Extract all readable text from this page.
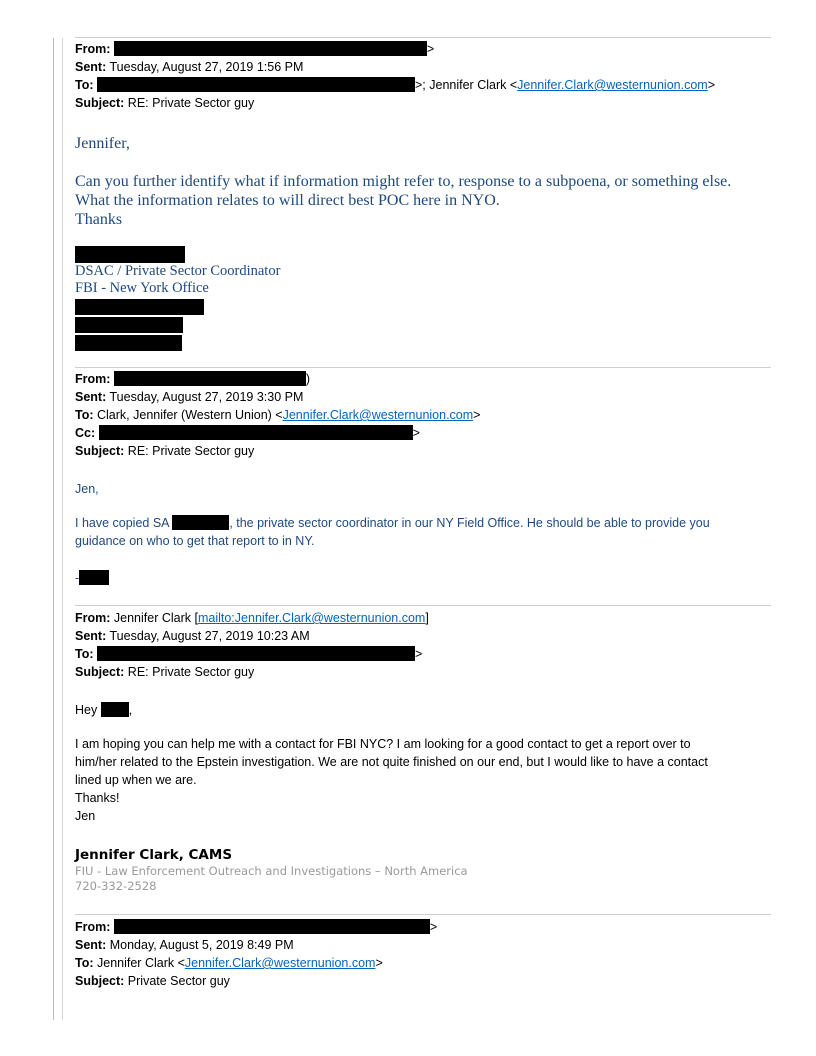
From:	>
Sent: Tuesday, August 27, 2019 1:56 PM
To:	>; Jennifer Clark <Jennifer.Clark@westernunion.com>
Subject: RE: Private Sector guy
Jennifer,
Can you further identify what if information might refer to, response to a subpoena, or something else.
What the information relates to will direct best POC here in NYO.
Thanks
DSAC / Private Sector Coordinator
FBI - New York Office
From:	)
Sent: Tuesday, August 27, 2019 3:30 PM
To: Clark, Jennifer (Western Union) <Jennifer.Clark@westernunion.com>
Cc:	>
Subject: RE: Private Sector guy
Jen,
I have copied SA	, the private sector coordinator in our NY Field Office. He should be able to provide you
guidance on who to get that report to in NY.
-
From: Jennifer Clark [mailto:Jennifer.Clark@westernunion.com]
Sent: Tuesday, August 27, 2019 10:23 AM
To:	>
Subject: RE: Private Sector guy
Hey	,
I am hoping you can help me with a contact for FBI NYC? I am looking for a good contact to get a report over to
him/her related to the Epstein investigation. We are not quite finished on our end, but I would like to have a contact
lined up when we are.
Thanks!
Jen
Jennifer Clark, CAMS
FIU - Law Enforcement Outreach and Investigations – North America
720-332-2528
From:	>
Sent: Monday, August 5, 2019 8:49 PM
To: Jennifer Clark <Jennifer.Clark@westernunion.com>
Subject: Private Sector guy
